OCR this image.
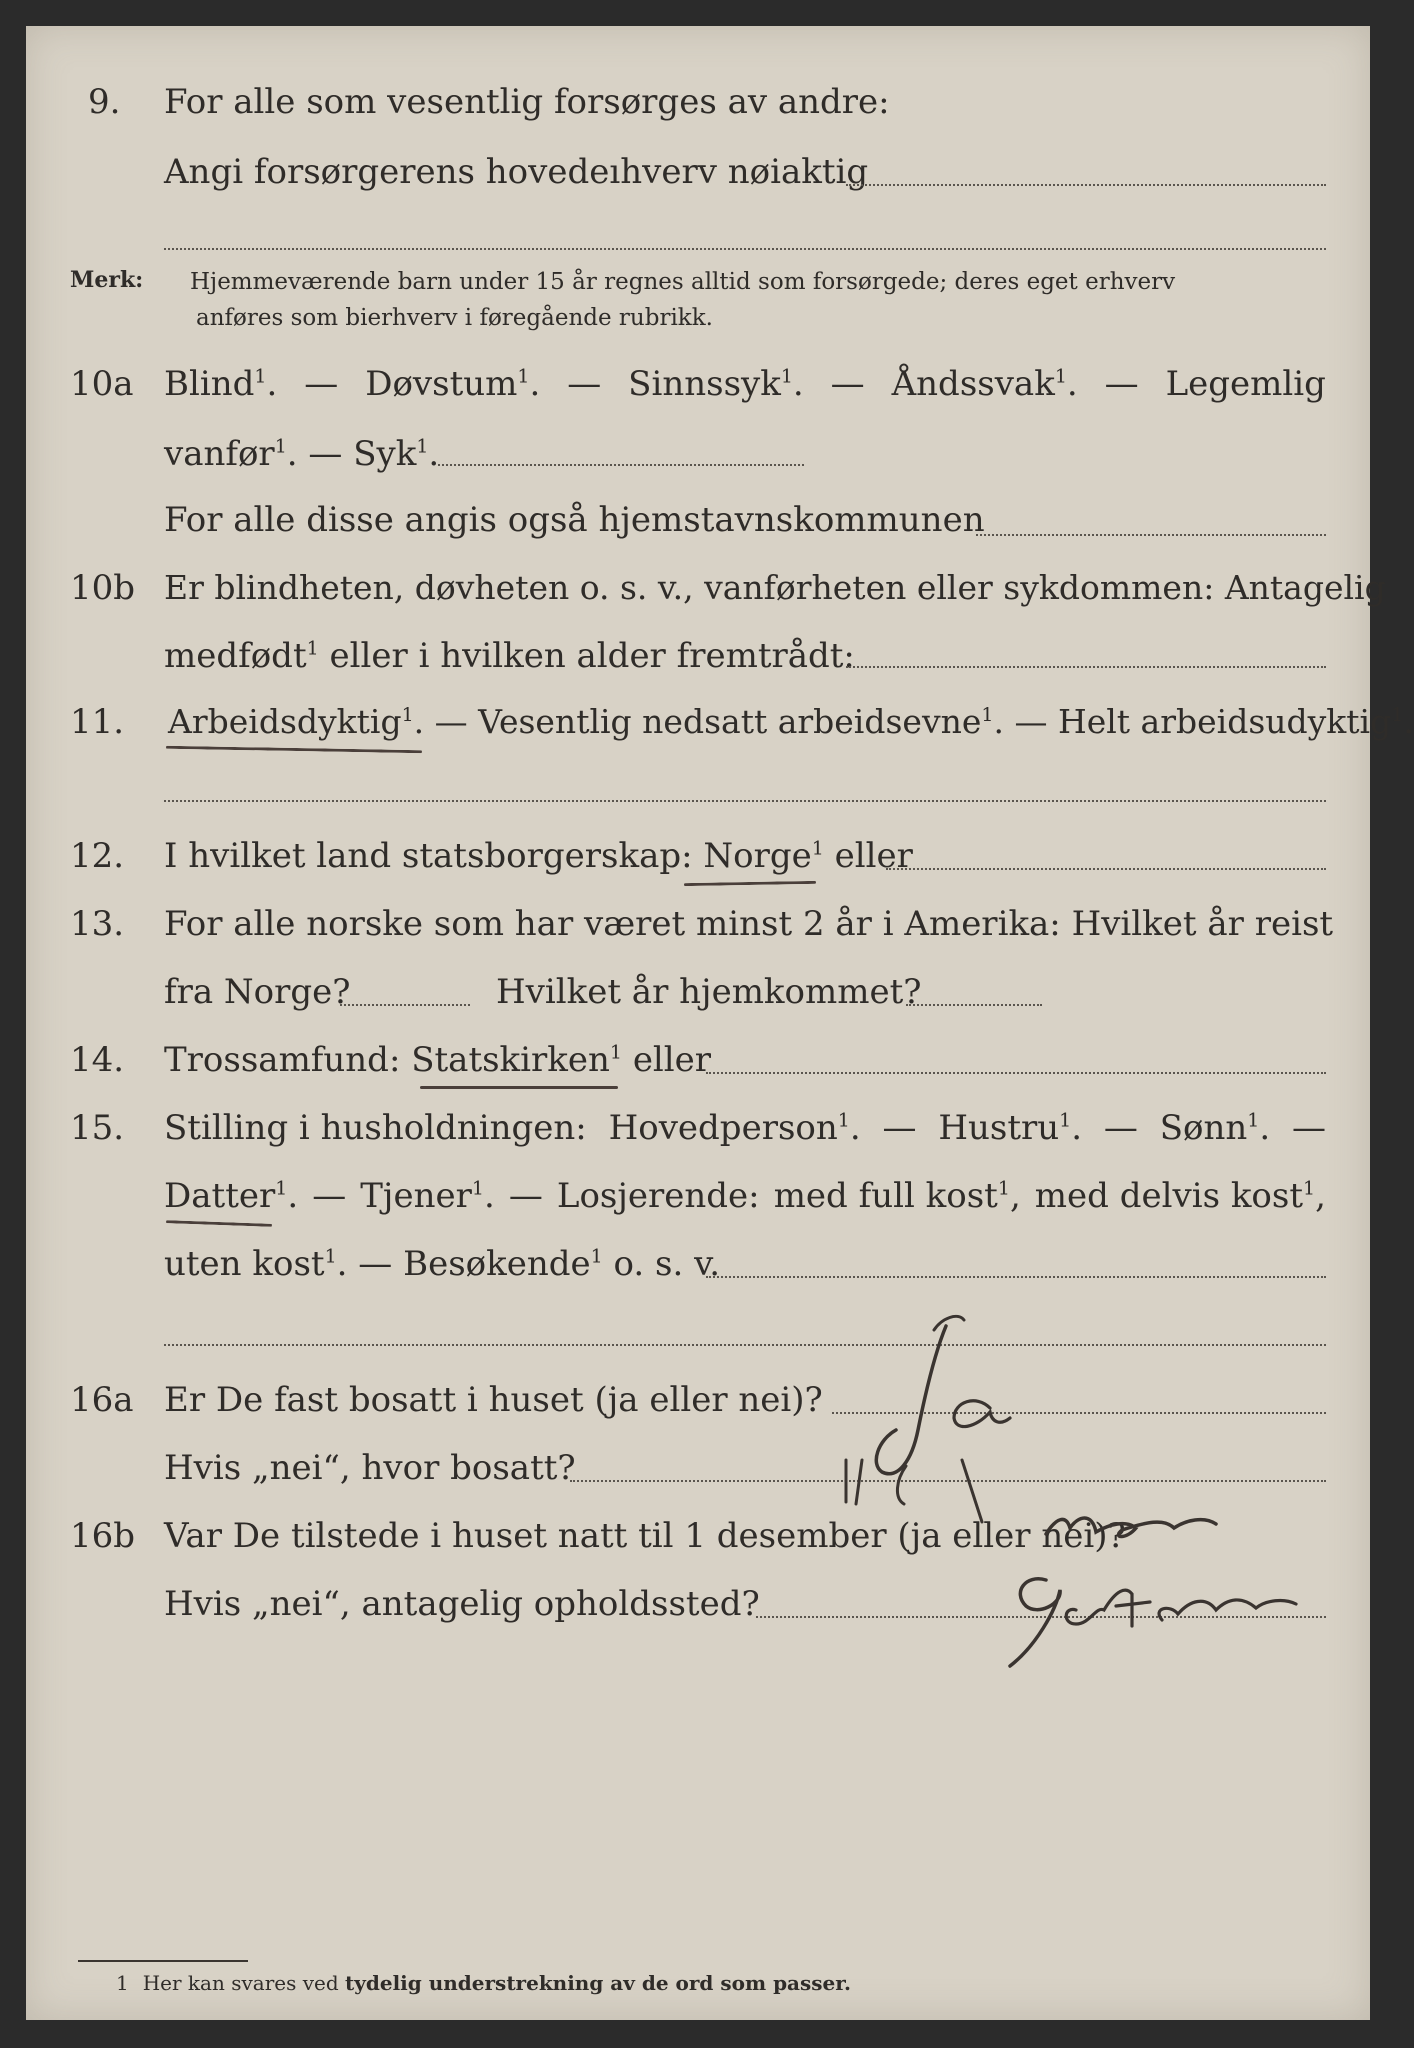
9. For alle som vesentlig forsørges av andre:
Angi forsørgerens hovedeıhverv nøiaktig
Merk: Hjemmeværende barn under 15 år regnes alltid som forsørgede; deres eget erhverv
anføres som bierhverv i føregående rubrikk.
10a Blind$^1$. — Døvstum$^1$. — Sinnssyk$^1$. — Åndssvak$^1$. — Legemlig
vanfør$^1$. — Syk$^1$.
For alle disse angis også hjemstavnskommunen
10b Er blindheten, døvheten o. s. v., vanførheten eller sykdommen: Antagelig
medfødt$^1$ eller i hvilken alder fremtrådt:
11. Arbeidsdyktig$^1$. — Vesentlig nedsatt arbeidsevne$^1$. — Helt arbeidsudyktig$^1$.
12. I hvilket land statsborgerskap: Norge$^1$ eller
13. For alle norske som har været minst 2 år i Amerika: Hvilket år reist
fra Norge?	Hvilket år hjemkommet?
14. Trossamfund: Statskirken$^1$ eller
15. Stilling i husholdningen: Hovedperson$^1$. — Hustru$^1$. — Sønn$^1$. —
Datter$^1$. — Tjener$^1$. — Losjerende: med full kost$^1$, med delvis kost$^1$,
uten kost$^1$. — Besøkende$^1$ o. s. v.
16a Er De fast bosatt i huset (ja eller nei)?
Hvis „nei“, hvor bosatt?
16b Var De tilstede i huset natt til 1 desember (ja eller nei)?
Hvis „nei“, antagelig opholdssted?
1 Her kan svares ved tydelig understrekning av de ord som passer.
